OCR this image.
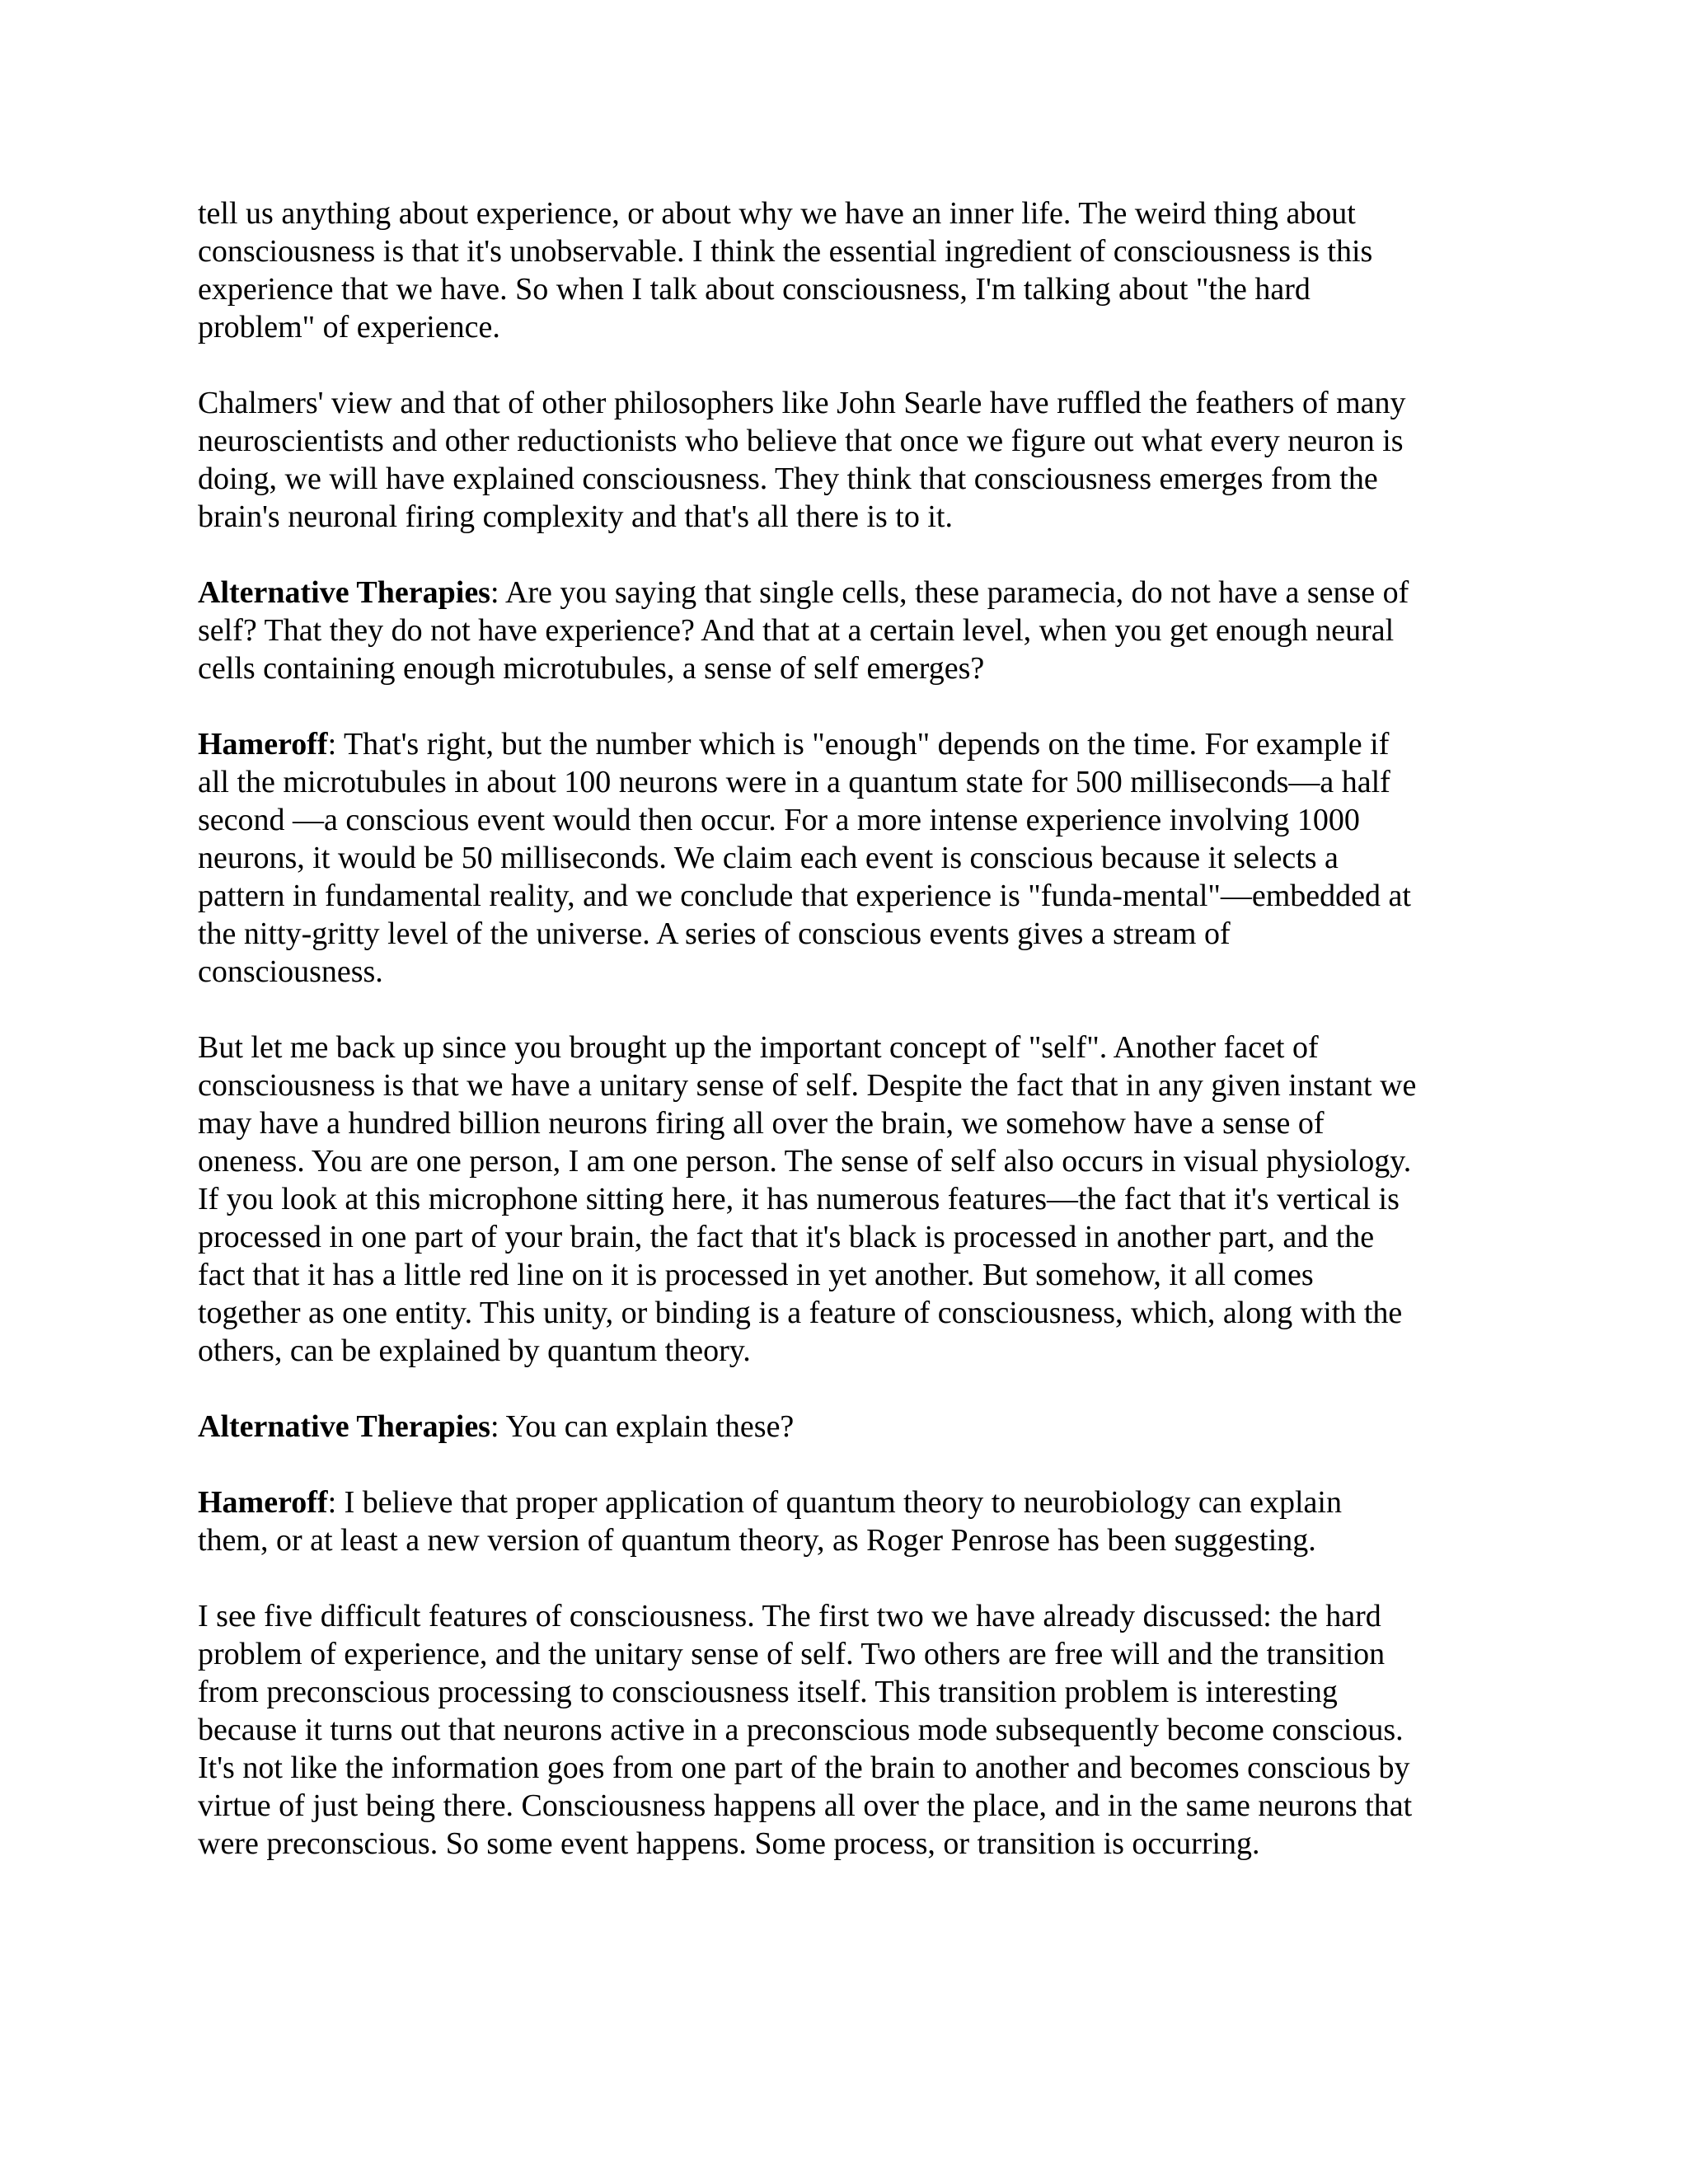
tell us anything about experience, or about why we have an inner life. The weird thing about
consciousness is that it's unobservable. I think the essential ingredient of consciousness is this
experience that we have. So when I talk about consciousness, I'm talking about "the hard
problem" of experience.
Chalmers' view and that of other philosophers like John Searle have ruffled the feathers of many
neuroscientists and other reductionists who believe that once we figure out what every neuron is
doing, we will have explained consciousness. They think that consciousness emerges from the
brain's neuronal firing complexity and that's all there is to it.
Alternative Therapies: Are you saying that single cells, these paramecia, do not have a sense of
self? That they do not have experience? And that at a certain level, when you get enough neural
cells containing enough microtubules, a sense of self emerges?
Hameroff: That's right, but the number which is "enough" depends on the time. For example if
all the microtubules in about 100 neurons were in a quantum state for 500 milliseconds—a half
second —a conscious event would then occur. For a more intense experience involving 1000
neurons, it would be 50 milliseconds. We claim each event is conscious because it selects a
pattern in fundamental reality, and we conclude that experience is "funda-mental"—embedded at
the nitty-gritty level of the universe. A series of conscious events gives a stream of
consciousness.
But let me back up since you brought up the important concept of "self". Another facet of
consciousness is that we have a unitary sense of self. Despite the fact that in any given instant we
may have a hundred billion neurons firing all over the brain, we somehow have a sense of
oneness. You are one person, I am one person. The sense of self also occurs in visual physiology.
If you look at this microphone sitting here, it has numerous features—the fact that it's vertical is
processed in one part of your brain, the fact that it's black is processed in another part, and the
fact that it has a little red line on it is processed in yet another. But somehow, it all comes
together as one entity. This unity, or binding is a feature of consciousness, which, along with the
others, can be explained by quantum theory.
Alternative Therapies: You can explain these?
Hameroff: I believe that proper application of quantum theory to neurobiology can explain
them, or at least a new version of quantum theory, as Roger Penrose has been suggesting.
I see five difficult features of consciousness. The first two we have already discussed: the hard
problem of experience, and the unitary sense of self. Two others are free will and the transition
from preconscious processing to consciousness itself. This transition problem is interesting
because it turns out that neurons active in a preconscious mode subsequently become conscious.
It's not like the information goes from one part of the brain to another and becomes conscious by
virtue of just being there. Consciousness happens all over the place, and in the same neurons that
were preconscious. So some event happens. Some process, or transition is occurring.
